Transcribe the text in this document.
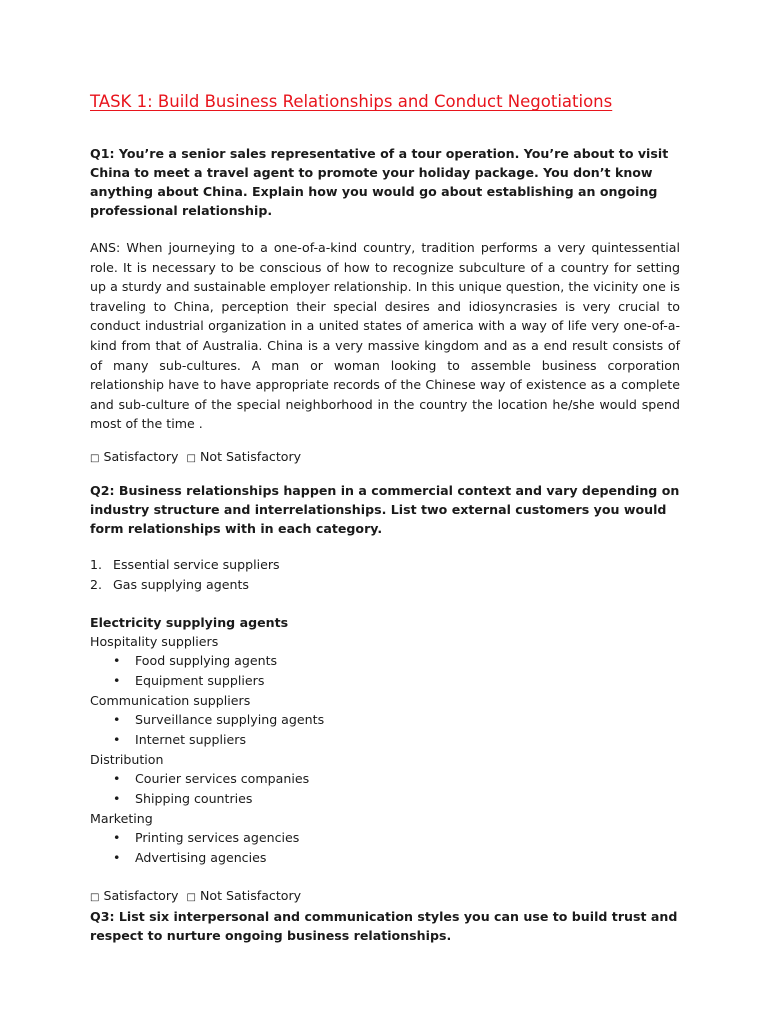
TASK 1: Build Business Relationships and Conduct Negotiations

Q1: You’re a senior sales representative of a tour operation. You’re about to visit China to meet a travel agent to promote your holiday package. You don’t know anything about China. Explain how you would go about establishing an ongoing professional relationship.

ANS: When journeying to a one-of-a-kind country, tradition performs a very quintessential role. It is necessary to be conscious of how to recognize subculture of a country for setting up a sturdy and sustainable employer relationship. In this unique question, the vicinity one is traveling to China, perception their special desires and idiosyncrasies is very crucial to conduct industrial organization in a united states of america with a way of life very one-of-a-kind from that of Australia. China is a very massive kingdom and as a end result consists of of many sub-cultures. A man or woman looking to assemble business corporation relationship have to have appropriate records of the Chinese way of existence as a complete and sub-culture of the special neighborhood in the country the location he/she would spend most of the time .

□ Satisfactory □ Not Satisfactory

Q2: Business relationships happen in a commercial context and vary depending on industry structure and interrelationships. List two external customers you would form relationships with in each category.

1. Essential service suppliers
2. Gas supplying agents

Electricity supplying agents

Hospitality suppliers

• Food supplying agents
• Equipment suppliers

Communication suppliers

• Surveillance supplying agents
• Internet suppliers

Distribution

• Courier services companies
• Shipping countries

Marketing

• Printing services agencies
• Advertising agencies

□ Satisfactory □ Not Satisfactory

Q3: List six interpersonal and communication styles you can use to build trust and respect to nurture ongoing business relationships.
